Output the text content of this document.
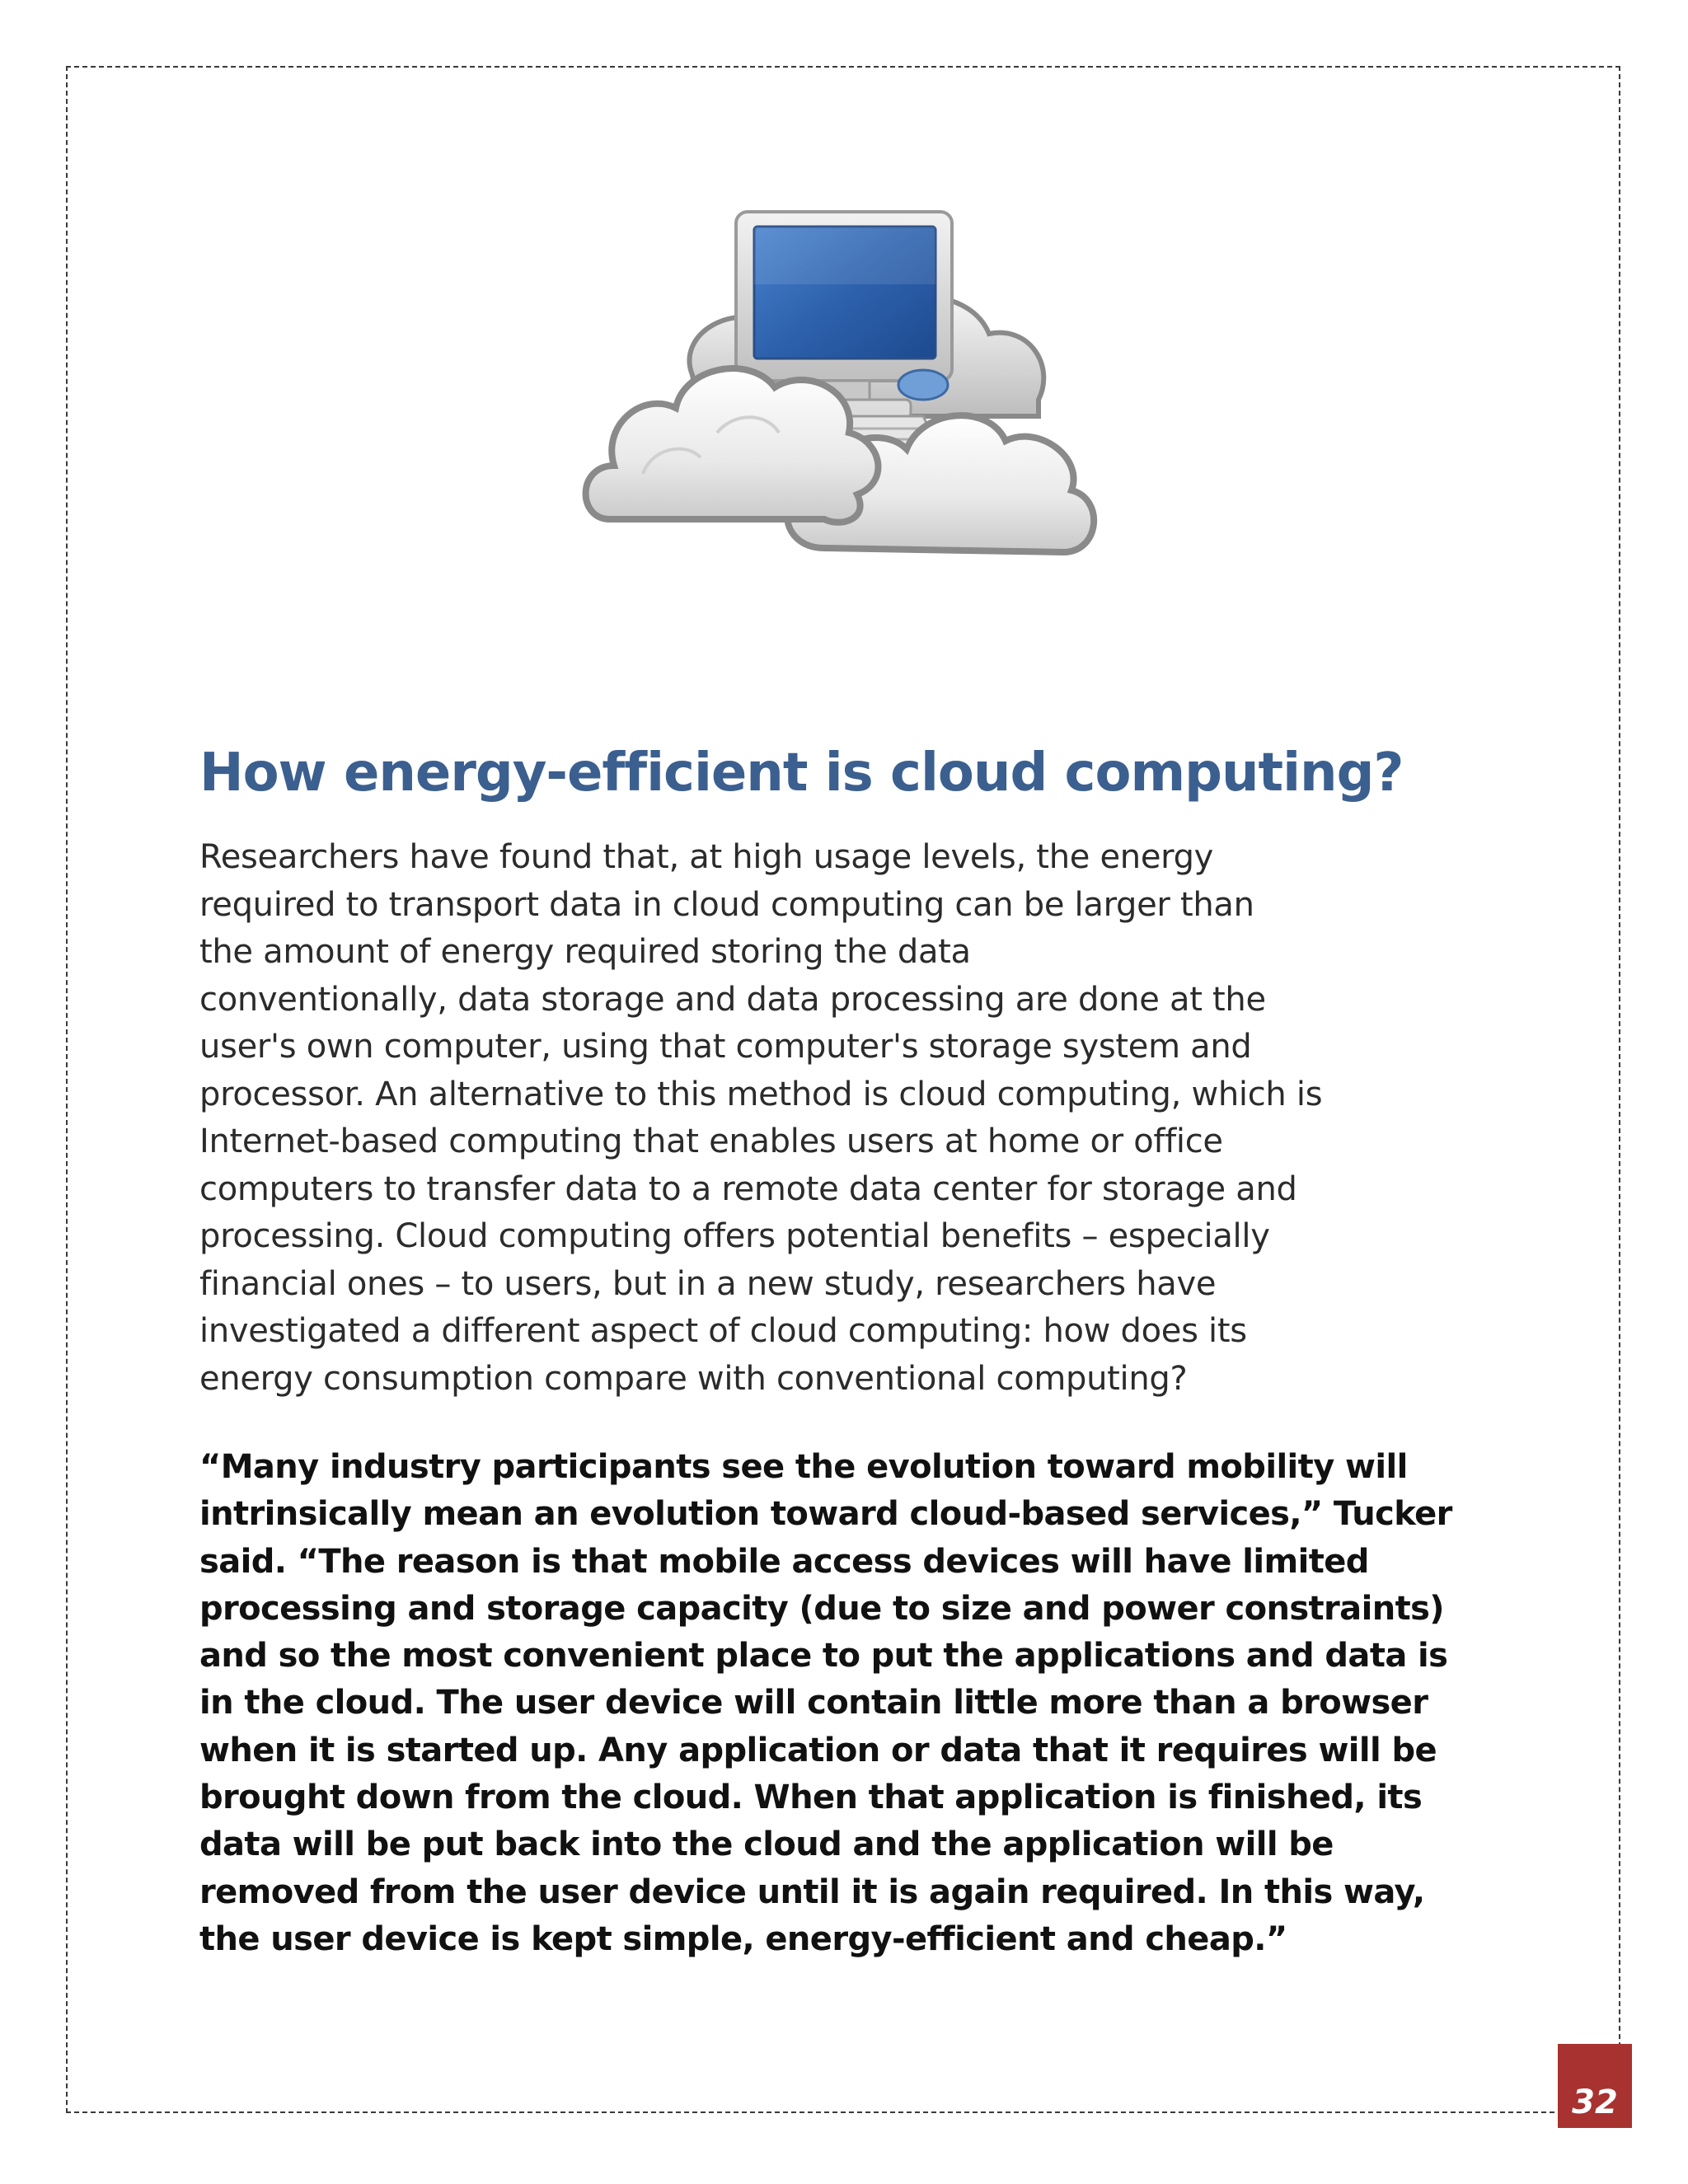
How energy-efficient is cloud computing?

Researchers have found that, at high usage levels, the energy
required to transport data in cloud computing can be larger than
the amount of energy required storing the data
conventionally, data storage and data processing are done at the
user's own computer, using that computer's storage system and
processor. An alternative to this method is cloud computing, which is
Internet-based computing that enables users at home or office
computers to transfer data to a remote data center for storage and
processing. Cloud computing offers potential benefits – especially
financial ones – to users, but in a new study, researchers have
investigated a different aspect of cloud computing: how does its
energy consumption compare with conventional computing?

“Many industry participants see the evolution toward mobility will
intrinsically mean an evolution toward cloud-based services,” Tucker
said. “The reason is that mobile access devices will have limited
processing and storage capacity (due to size and power constraints)
and so the most convenient place to put the applications and data is
in the cloud. The user device will contain little more than a browser
when it is started up. Any application or data that it requires will be
brought down from the cloud. When that application is finished, its
data will be put back into the cloud and the application will be
removed from the user device until it is again required. In this way,
the user device is kept simple, energy-efficient and cheap.”

32
